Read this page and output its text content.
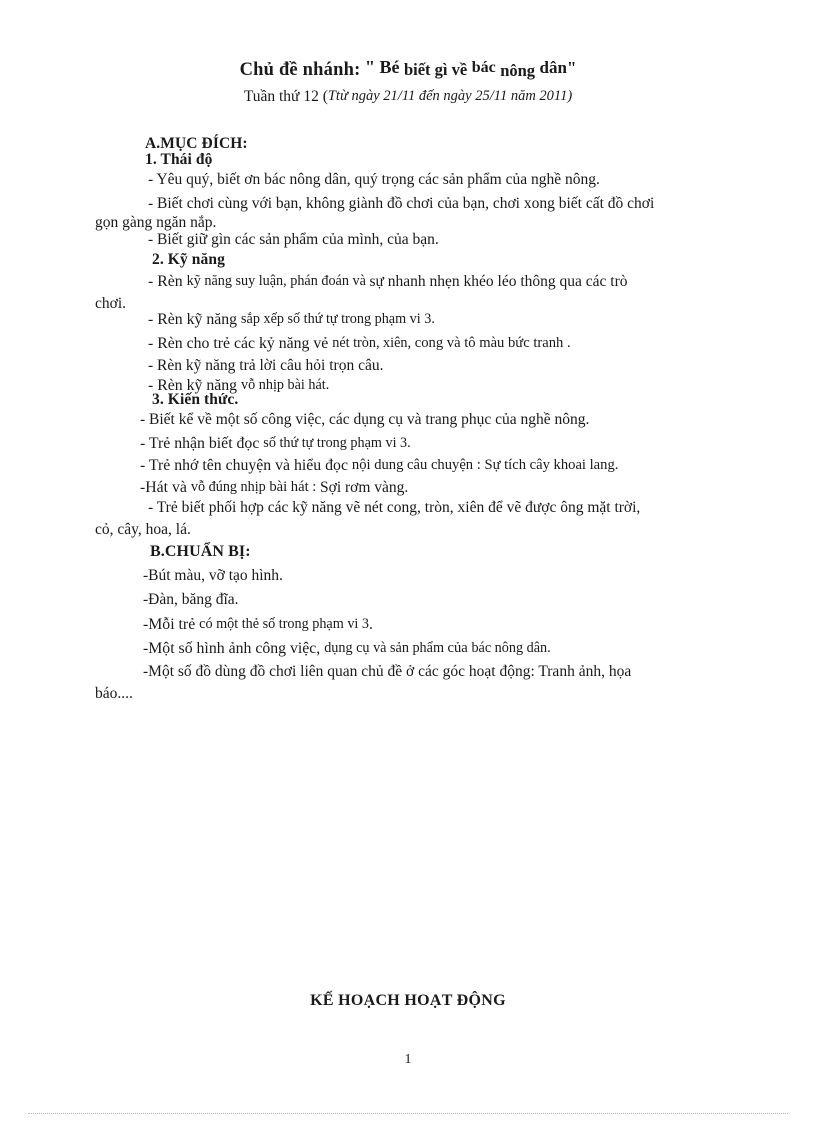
Chủ đề nhánh: " Bé biết gì về bác nông dân"
Tuần thứ 12 (Ttừ ngày 21/11 đến ngày 25/11 năm 2011)
A.MỤC ĐÍCH:
1. Thái độ
- Yêu quý, biết ơn bác nông dân, quý trọng các sản phẩm của nghề nông.
- Biết chơi cùng với bạn, không giành đồ chơi của bạn, chơi xong biết cất đồ chơi
gọn gàng ngăn nắp.
- Biết giữ gìn các sản phẩm của mình, của bạn.
2. Kỹ năng
- Rèn kỹ năng suy luận, phán đoán và sự nhanh nhẹn khéo léo thông qua các trò
chơi.
- Rèn kỹ năng sắp xếp số thứ tự trong phạm vi 3.
- Rèn cho trẻ các kỷ năng vẻ nét tròn, xiên, cong và tô màu bức tranh .
- Rèn kỹ năng trả lời câu hỏi trọn câu.
- Rèn kỹ năng vỗ nhịp bài hát.
3. Kiến thức.
- Biết kể về một số công việc, các dụng cụ và trang phục của nghề nông.
- Trẻ nhận biết đọc số thứ tự trong phạm vi 3.
- Trẻ nhớ tên chuyện và hiểu đọc nội dung câu chuyện : Sự tích cây khoai lang.
-Hát và vỗ đúng nhịp bài hát : Sợi rơm vàng.
- Trẻ biết phối hợp các kỹ năng vẽ nét cong, tròn, xiên để vẽ được ông mặt trời,
cỏ, cây, hoa, lá.
B.CHUẨN BỊ:
-Bút màu, vỡ tạo hình.
-Đàn, băng đĩa.
-Mỗi trẻ có một thẻ số trong phạm vi 3.
-Một số hình ảnh công việc, dụng cụ và sản phẩm của bác nông dân.
-Một số đồ dùng đồ chơi liên quan chủ đề ở các góc hoạt động: Tranh ảnh, họa
báo....
KẾ HOẠCH HOẠT ĐỘNG
1
